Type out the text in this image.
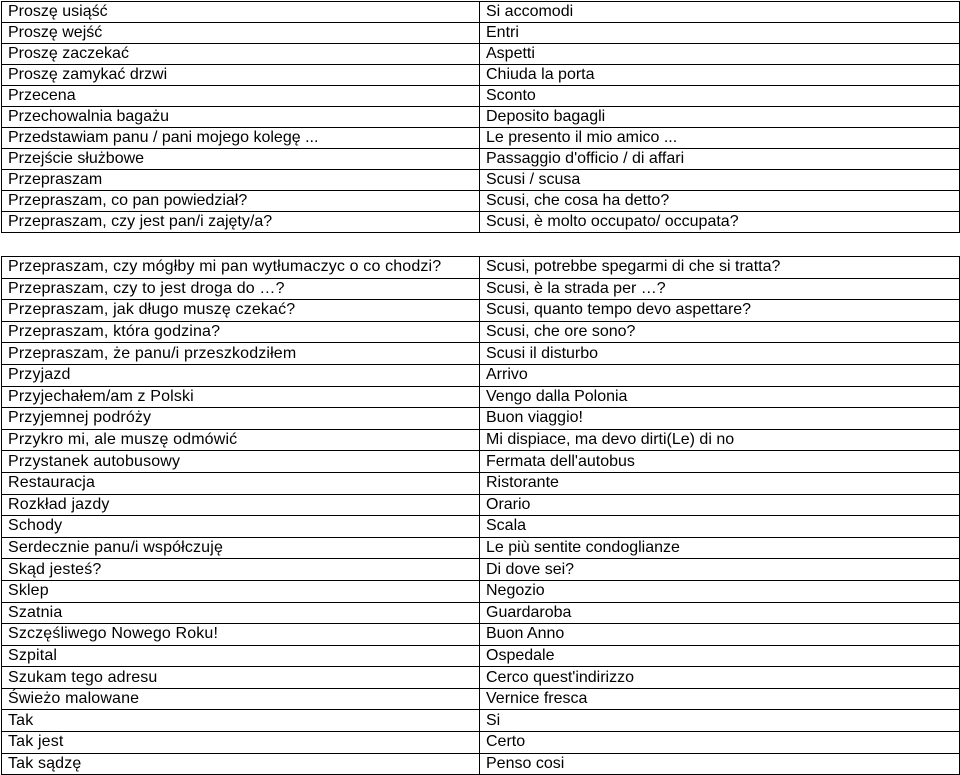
Proszę usiąść	Si accomodi
Proszę wejść	Entri
Proszę zaczekać	Aspetti
Proszę zamykać drzwi	Chiuda la porta
Przecena	Sconto
Przechowalnia bagażu	Deposito bagagli
Przedstawiam panu / pani mojego kolegę ...	Le presento il mio amico ...
Przejście służbowe	Passaggio d'officio / di affari
Przepraszam	Scusi / scusa
Przepraszam, co pan powiedział?	Scusi, che cosa ha detto?
Przepraszam, czy jest pan/i zajęty/a?	Scusi, è molto occupato/ occupata?
Przepraszam, czy mógłby mi pan wytłumaczyc o co chodzi?	Scusi, potrebbe spegarmi di che si tratta?
Przepraszam, czy to jest droga do …?	Scusi, è la strada per …?
Przepraszam, jak długo muszę czekać?	Scusi, quanto tempo devo aspettare?
Przepraszam, która godzina?	Scusi, che ore sono?
Przepraszam, że panu/i przeszkodziłem	Scusi il disturbo
Przyjazd	Arrivo
Przyjechałem/am z Polski	Vengo dalla Polonia
Przyjemnej podróży	Buon viaggio!
Przykro mi, ale muszę odmówić	Mi dispiace, ma devo dirti(Le) di no
Przystanek autobusowy	Fermata dell'autobus
Restauracja	Ristorante
Rozkład jazdy	Orario
Schody	Scala
Serdecznie panu/i współczuję	Le più sentite condoglianze
Skąd jesteś?	Di dove sei?
Sklep	Negozio
Szatnia	Guardaroba
Szczęśliwego Nowego Roku!	Buon Anno
Szpital	Ospedale
Szukam tego adresu	Cerco quest'indirizzo
Świeżo malowane	Vernice fresca
Tak	Si
Tak jest	Certo
Tak sądzę	Penso cosi
